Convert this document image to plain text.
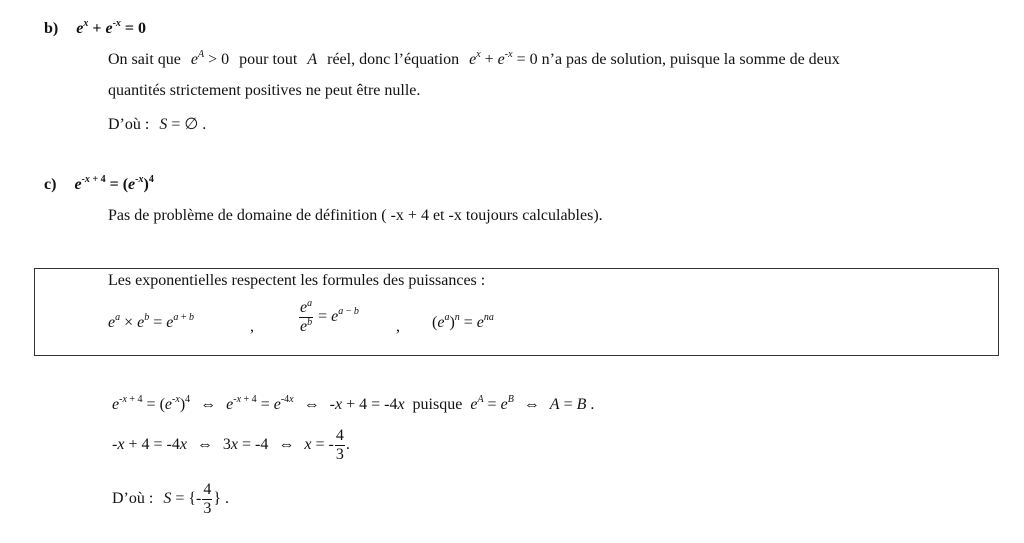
b) $e^x + e^{-x} = 0$
On sait que $e^A > 0$ pour tout A réel, donc l’équation $e^x + e^{-x} = 0$ n’a pas de solution, puisque la somme de deux
quantités strictement positives ne peut être nulle.
D’où : S = ∅ .
c) $e^{-x + 4} = (e^{-x})^4$
Pas de problème de domaine de définition ( -x + 4 et -x toujours calculables).
Les exponentielles respectent les formules des puissances :
$e^a \times e^b = e^{a + b}$
,	$\frac{e^a}{e^b} = e^{a - b}$
, $(e^a)^n = e^{na}$
$e^{-x + 4} = (e^{-x})^4$ ⇔ $e^{-x + 4} = e^{-4x}$ ⇔ -x + 4 = -4x puisque $e^A = e^B$ ⇔ A = B .
-x + 4 = -4x ⇔ 3x = -4 ⇔ x = - $\frac{4}{3}$ .
D’où : S = {- $\frac{4}{3}$ } .
